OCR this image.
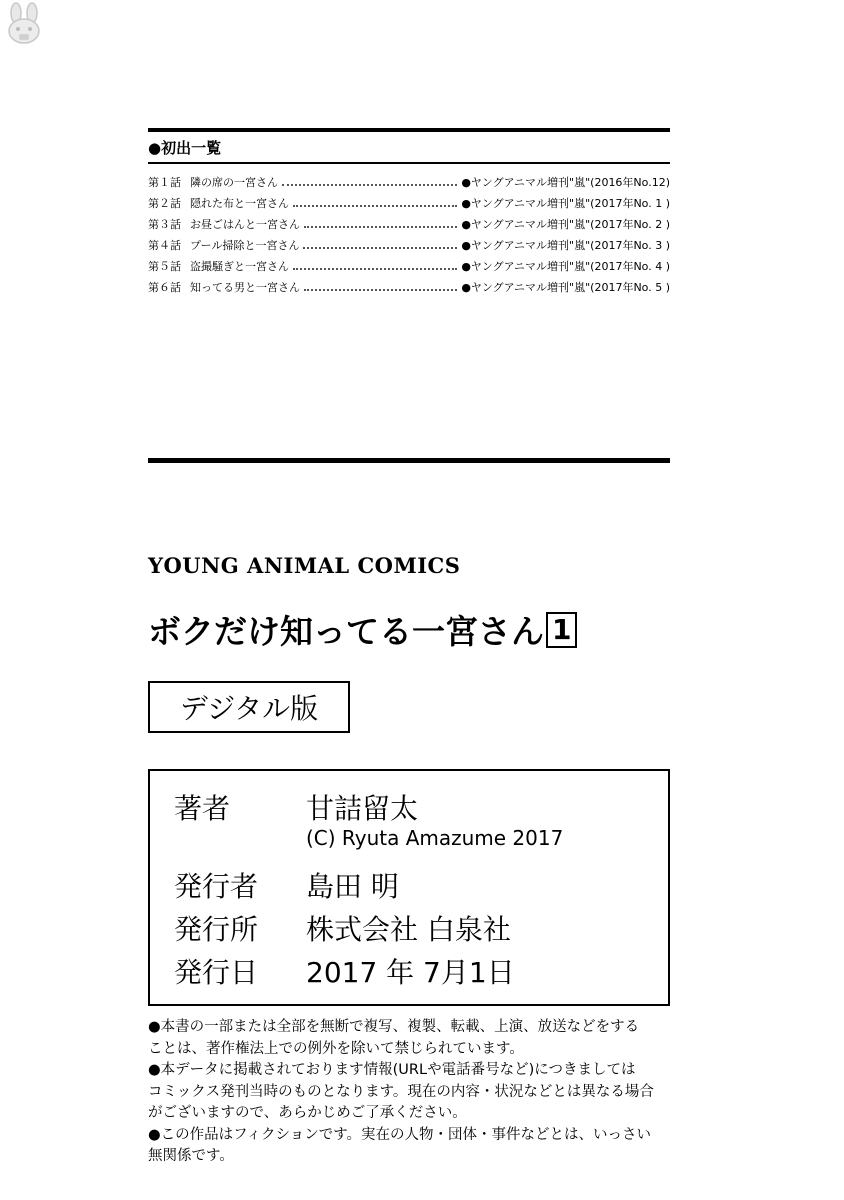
●初出一覧
第１話 隣の席の一宮さん	●ヤングアニマル増刊"嵐"(2016年No.12)
第２話 隠れた布と一宮さん	●ヤングアニマル増刊"嵐"(2017年No. 1 )
第３話 お昼ごはんと一宮さん	●ヤングアニマル増刊"嵐"(2017年No. 2 )
第４話 プール掃除と一宮さん	●ヤングアニマル増刊"嵐"(2017年No. 3 )
第５話 盗撮騒ぎと一宮さん	●ヤングアニマル増刊"嵐"(2017年No. 4 )
第６話 知ってる男と一宮さん	●ヤングアニマル増刊"嵐"(2017年No. 5 )
YOUNG ANIMAL COMICS
ボクだけ知ってる一宮さん 1
デジタル版
著者	甘詰留太
(C) Ryuta Amazume 2017
発行者 島田 明
発行所 株式会社 白泉社
発行日 2017 年 7月1日
●本書の一部または全部を無断で複写、複製、転載、上演、放送などをする
ことは、著作権法上での例外を除いて禁じられています。
●本データに掲載されております情報(URLや電話番号など)につきましては
コミックス発刊当時のものとなります。現在の内容・状況などとは異なる場合
がございますので、あらかじめご了承ください。
●この作品はフィクションです。実在の人物・団体・事件などとは、いっさい
無関係です。
